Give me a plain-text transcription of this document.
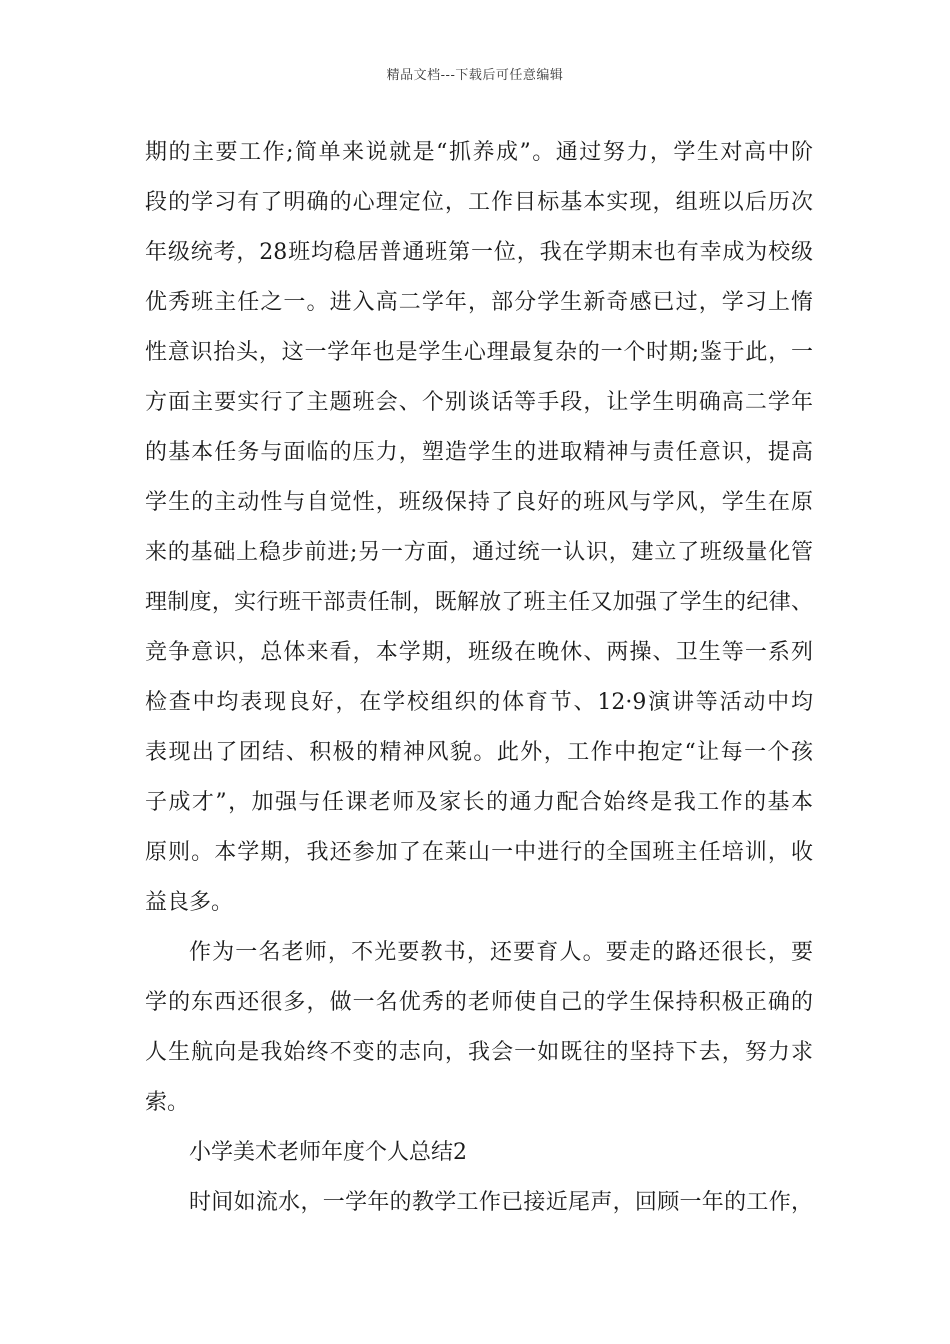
精品文档---下载后可任意编辑
期的主要工作;简单来说就是“抓养成”。通过努力，学生对高中阶
段的学习有了明确的心理定位，工作目标基本实现，组班以后历次
年级统考，28班均稳居普通班第一位，我在学期末也有幸成为校级
优秀班主任之一。进入高二学年，部分学生新奇感已过，学习上惰
性意识抬头，这一学年也是学生心理最复杂的一个时期;鉴于此，一
方面主要实行了主题班会、个别谈话等手段，让学生明确高二学年
的基本任务与面临的压力，塑造学生的进取精神与责任意识，提高
学生的主动性与自觉性，班级保持了良好的班风与学风，学生在原
来的基础上稳步前进;另一方面，通过统一认识，建立了班级量化管
理制度，实行班干部责任制，既解放了班主任又加强了学生的纪律、
竞争意识，总体来看，本学期，班级在晚休、两操、卫生等一系列
检查中均表现良好，在学校组织的体育节、12·9演讲等活动中均
表现出了团结、积极的精神风貌。此外，工作中抱定“让每一个孩
子成才”，加强与任课老师及家长的通力配合始终是我工作的基本
原则。本学期，我还参加了在莱山一中进行的全国班主任培训，收
益良多。
作为一名老师，不光要教书，还要育人。要走的路还很长，要
学的东西还很多，做一名优秀的老师使自己的学生保持积极正确的
人生航向是我始终不变的志向，我会一如既往的坚持下去，努力求
索。
小学美术老师年度个人总结2
时间如流水，一学年的教学工作已接近尾声，回顾一年的工作，
